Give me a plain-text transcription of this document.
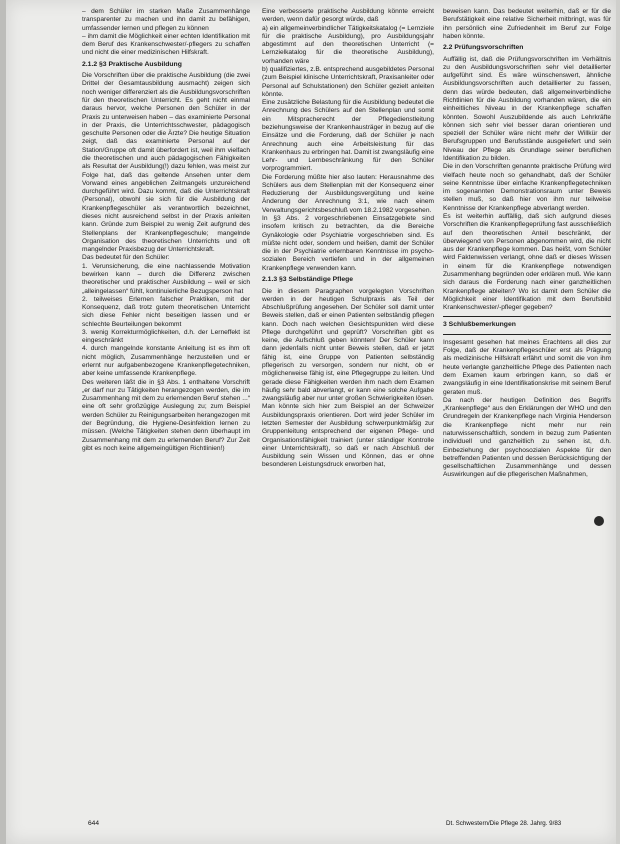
– dem Schüler im starken Maße Zusammenhänge transparenter zu machen und ihn damit zu befähigen, umfassender lernen und pflegen zu können

– ihm damit die Möglichkeit einer echten Identifikation mit dem Beruf des Krankenschwester/-pflegers zu schaffen und nicht die einer medizinischen Hilfskraft.

2.1.2 §3 Praktische Ausbildung

Die Vorschriften über die praktische Ausbildung (die zwei Drittel der Gesamtausbildung ausmacht) zeigen sich noch weniger differenziert als die Ausbildungsvorschriften für den theoretischen Unterricht. Es geht nicht einmal daraus hervor, welche Personen den Schüler in der Praxis zu unterweisen haben – das examinierte Personal in der Praxis, die Unterrichtsschwester, pädagogisch geschulte Personen oder die Ärzte? Die heutige Situation zeigt, daß das examinierte Personal auf der Station/Gruppe oft damit überfordert ist, weil ihm vielfach die theoretischen und auch pädagogischen Fähigkeiten als Resultat der Ausbildung(!) dazu fehlen, was meist zur Folge hat, daß das geltende Ansehen unter dem Vorwand eines angeblichen Zeitmangels unzureichend durchgeführt wird. Dazu kommt, daß die Unterrichtskraft (Personal), obwohl sie sich für die Ausbildung der Krankenpflegeschüler als verantwortlich bezeichnet, dieses nicht ausreichend selbst in der Praxis anleiten kann. Gründe zum Beispiel zu wenig Zeit aufgrund des Stellenplans der Krankenpflegeschule; mangelnde Organisation des theoretischen Unterrichts und oft mangelnder Praxisbezug der Unterrichtskraft.

Das bedeutet für den Schüler:

1. Verunsicherung, die eine nachlassende Motivation bewirken kann – durch die Differenz zwischen theoretischer und praktischer Ausbildung – weil er sich „alleingelassen“ fühlt, kontinuierliche Bezugsperson hat

2. teilweises Erlernen falscher Praktiken, mit der Konsequenz, daß trotz gutem theoretischen Unterricht sich diese Fehler nicht beseitigen lassen und er schlechte Beurteilungen bekommt

3. wenig Korrekturmöglichkeiten, d.h. der Lerneffekt ist eingeschränkt

4. durch mangelnde konstante Anleitung ist es ihm oft nicht möglich, Zusammenhänge herzustellen und er erlernt nur aufgabenbezogene Krankenpflegetechniken, aber keine umfassende Krankenpflege.

Des weiteren läßt die in §3 Abs. 1 enthaltene Vorschrift „er darf nur zu Tätigkeiten herangezogen werden, die im Zusammenhang mit dem zu erlernenden Beruf stehen ...“ eine oft sehr großzügige Auslegung zu; zum Beispiel werden Schüler zu Reinigungsarbeiten herangezogen mit der Begründung, die Hygiene-Desinfektion lernen zu müssen. (Welche Tätigkeiten stehen denn überhaupt im Zusammenhang mit dem zu erlernenden Beruf? Zur Zeit gibt es noch keine allgemeingültigen Richtlinien!)

Eine verbesserte praktische Ausbildung könnte erreicht werden, wenn dafür gesorgt würde, daß

a) ein allgemeinverbindlicher Tätigkeitskatalog (= Lernziele für die praktische Ausbildung), pro Ausbildungsjahr abgestimmt auf den theoretischen Unterricht (= Lernzielkatalog für die theoretische Ausbildung), vorhanden wäre

b) qualifiziertes, z.B. entsprechend ausgebildetes Personal (zum Beispiel klinische Unterrichtskraft, Praxisanleiter oder Personal auf Schulstationen) den Schüler gezielt anleiten könnte.

Eine zusätzliche Belastung für die Ausbildung bedeutet die Anrechnung des Schülers auf den Stellenplan und somit ein Mitspracherecht der Pflegedienstleitung beziehungsweise der Krankenhausträger in bezug auf die Einsätze und die Forderung, daß der Schüler je nach Anrechnung auch eine Arbeitsleistung für das Krankenhaus zu erbringen hat. Damit ist zwangsläufig eine Lehr- und Lernbeschränkung für den Schüler vorprogrammiert.

Die Forderung müßte hier also lauten: Herausnahme des Schülers aus dem Stellenplan mit der Konsequenz einer Reduzierung der Ausbildungsvergütung und keine Änderung der Anrechnung 3:1, wie nach einem Verwaltungsgerichtsbeschluß vom 18.2.1982 vorgesehen.

In §3 Abs. 2 vorgeschriebenen Einsatzgebiete sind insofern kritisch zu betrachten, da die Bereiche Gynäkologie oder Psychiatrie vorgeschrieben sind. Es müßte nicht oder, sondern und heißen, damit der Schüler die in der Psychiatrie erlernbaren Kenntnisse im psycho-sozialen Bereich vertiefen und in der allgemeinen Krankenpflege verwenden kann.

2.1.3 §3 Selbständige Pflege

Die in diesem Paragraphen vorgelegten Vorschriften werden in der heutigen Schulpraxis als Teil der Abschlußprüfung angesehen. Der Schüler soll damit unter Beweis stellen, daß er einen Patienten selbständig pflegen kann. Doch nach welchen Gesichtspunkten wird diese Pflege durchgeführt und geprüft? Vorschriften gibt es keine, die Aufschluß geben könnten! Der Schüler kann dann jedenfalls nicht unter Beweis stellen, daß er jetzt fähig ist, eine Gruppe von Patienten selbständig pflegerisch zu versorgen, sondern nur nicht, ob er möglicherweise fähig ist, eine Pflegegruppe zu leiten. Und gerade diese Fähigkeiten werden ihm nach dem Examen häufig sehr bald abverlangt, er kann eine solche Aufgabe zwangsläufig aber nur unter großen Schwierigkeiten lösen.

Man könnte sich hier zum Beispiel an der Schweizer Ausbildungspraxis orientieren. Dort wird jeder Schüler im letzten Semester der Ausbildung schwerpunktmäßig zur Gruppenleitung entsprechend der eigenen Pflege- und Organisationsfähigkeit trainiert (unter ständiger Kontrolle einer Unterrichtskraft), so daß er nach Abschluß der Ausbildung sein Wissen und Können, das er ohne besonderen Leistungsdruck erworben hat,

beweisen kann. Das bedeutet weiterhin, daß er für die Berufstätigkeit eine relative Sicherheit mitbringt, was für ihn persönlich eine Zufriedenheit im Beruf zur Folge haben könnte.

2.2 Prüfungsvorschriften

Auffällig ist, daß die Prüfungsvorschriften im Verhältnis zu den Ausbildungsvorschriften sehr viel detaillierter aufgeführt sind. Es wäre wünschenswert, ähnliche Ausbildungsvorschriften auch detaillierter zu fassen, denn das würde bedeuten, daß allgemeinverbindliche Richtlinien für die Ausbildung vorhanden wären, die ein einheitliches Niveau in der Krankenpflege schaffen könnten. Sowohl Auszubildende als auch Lehrkräfte können sich sehr viel besser daran orientieren und speziell der Schüler wäre nicht mehr der Willkür der Berufsgruppen und Berufsstände ausgeliefert und sein Niveau der Pflege als Grundlage seiner beruflichen Identifikation zu bilden.

Die in den Vorschriften genannte praktische Prüfung wird vielfach heute noch so gehandhabt, daß der Schüler seine Kenntnisse über einfache Krankenpflegetechniken im sogenannten Demonstrationsraum unter Beweis stellen muß, so daß hier von ihm nur teilweise Kenntnisse der Krankenpflege abverlangt werden.

Es ist weiterhin auffällig, daß sich aufgrund dieses Vorschriften die Krankenpflegeprüfung fast ausschließlich auf den theoretischen Anteil beschränkt, der überwiegend von Personen abgenommen wird, die nicht aus der Krankenpflege kommen. Das heißt, vom Schüler wird Faktenwissen verlangt, ohne daß er dieses Wissen in einem für die Krankenpflege notwendigen Zusammenhang begründen oder erklären muß. Wie kann sich daraus die Forderung nach einer ganzheitlichen Krankenpflege ableiten? Wo ist damit dem Schüler die Möglichkeit einer Identifikation mit dem Berufsbild Krankenschwester/-pfleger gegeben?

3 Schlußbemerkungen

Insgesamt gesehen hat meines Erachtens all dies zur Folge, daß der Krankenpflegeschüler erst als Prägung als medizinische Hilfskraft erfährt und somit die von ihm heute verlangte ganzheitliche Pflege des Patienten nach dem Examen kaum erbringen kann, so daß er zwangsläufig in eine Identifikationskrise mit seinem Beruf geraten muß.

Da nach der heutigen Definition des Begriffs „Krankenpflege“ aus den Erklärungen der WHO und den Grundregeln der Krankenpflege nach Virginia Henderson die Krankenpflege nicht mehr nur rein naturwissenschaftlich, sondern in bezug zum Patienten individuell und ganzheitlich zu sehen ist, d.h. Einbeziehung der psychosozialen Aspekte für den betreffenden Patienten und dessen Berücksichtigung der gesellschaftlichen Zusammenhänge und dessen Auswirkungen auf die pflegerischen Maßnahmen,

644	Dt. Schwestern/Die Pflege 28. Jahrg. 9/83
